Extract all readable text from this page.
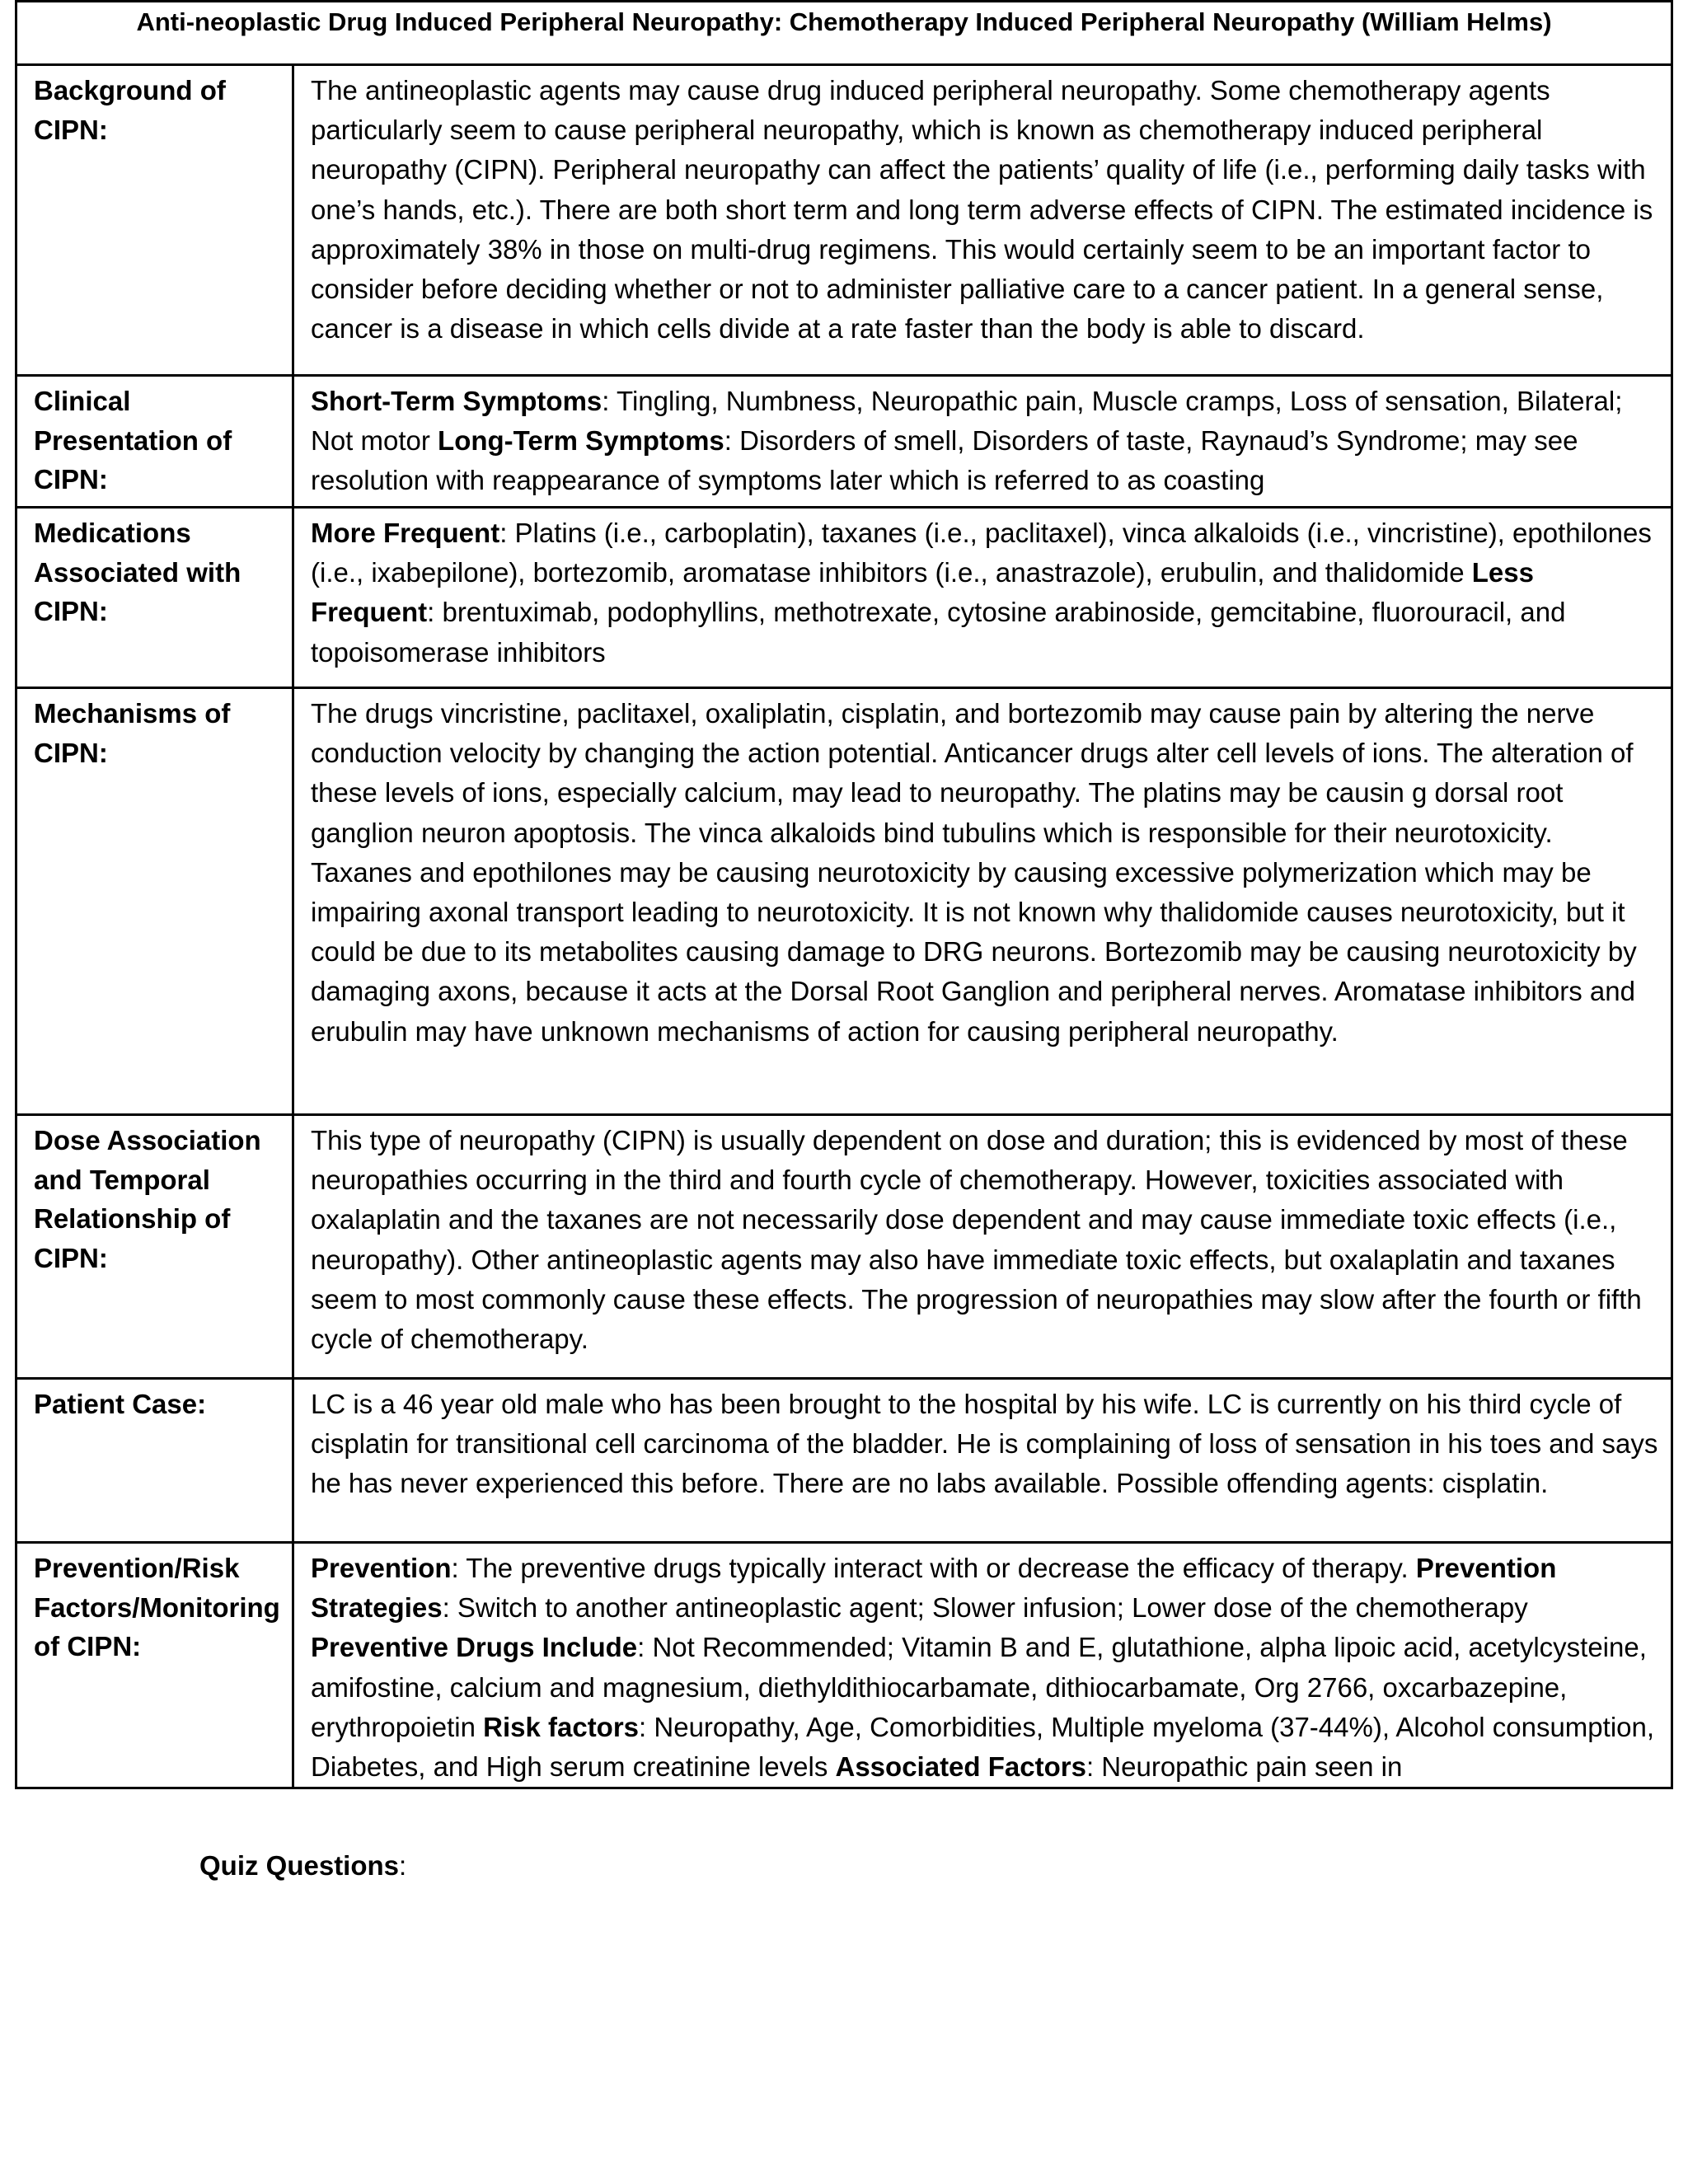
Anti-neoplastic Drug Induced Peripheral Neuropathy: Chemotherapy Induced Peripheral Neuropathy (William Helms)	

Background of CIPN:	The antineoplastic agents may cause drug induced peripheral neuropathy. Some chemotherapy agents particularly seem to cause peripheral neuropathy, which is known as chemotherapy induced peripheral neuropathy (CIPN). Peripheral neuropathy can affect the patients’ quality of life (i.e., performing daily tasks with one’s hands, etc.). There are both short term and long term adverse effects of CIPN. The estimated incidence is approximately 38% in those on multi-drug regimens. This would certainly seem to be an important factor to consider before deciding whether or not to administer palliative care to a cancer patient. In a general sense, cancer is a disease in which cells divide at a rate faster than the body is able to discard.

Clinical Presentation of CIPN:	Short-Term Symptoms: Tingling, Numbness, Neuropathic pain, Muscle cramps, Loss of sensation, Bilateral; Not motor Long-Term Symptoms: Disorders of smell, Disorders of taste, Raynaud’s Syndrome; may see resolution with reappearance of symptoms later which is referred to as coasting

Medications Associated with CIPN:	More Frequent: Platins (i.e., carboplatin), taxanes (i.e., paclitaxel), vinca alkaloids (i.e., vincristine), epothilones (i.e., ixabepilone), bortezomib, aromatase inhibitors (i.e., anastrazole), erubulin, and thalidomide Less Frequent: brentuximab, podophyllins, methotrexate, cytosine arabinoside, gemcitabine, fluorouracil, and topoisomerase inhibitors

Mechanisms of CIPN:	The drugs vincristine, paclitaxel, oxaliplatin, cisplatin, and bortezomib may cause pain by altering the nerve conduction velocity by changing the action potential. Anticancer drugs alter cell levels of ions. The alteration of these levels of ions, especially calcium, may lead to neuropathy. The platins may be causin g dorsal root ganglion neuron apoptosis. The vinca alkaloids bind tubulins which is responsible for their neurotoxicity. Taxanes and epothilones may be causing neurotoxicity by causing excessive polymerization which may be impairing axonal transport leading to neurotoxicity. It is not known why thalidomide causes neurotoxicity, but it could be due to its metabolites causing damage to DRG neurons. Bortezomib may be causing neurotoxicity by damaging axons, because it acts at the Dorsal Root Ganglion and peripheral nerves. Aromatase inhibitors and erubulin may have unknown mechanisms of action for causing peripheral neuropathy.

Dose Association and Temporal Relationship of CIPN:	This type of neuropathy (CIPN) is usually dependent on dose and duration; this is evidenced by most of these neuropathies occurring in the third and fourth cycle of chemotherapy. However, toxicities associated with oxalaplatin and the taxanes are not necessarily dose dependent and may cause immediate toxic effects (i.e., neuropathy). Other antineoplastic agents may also have immediate toxic effects, but oxalaplatin and taxanes seem to most commonly cause these effects. The progression of neuropathies may slow after the fourth or fifth cycle of chemotherapy.

Patient Case:	LC is a 46 year old male who has been brought to the hospital by his wife. LC is currently on his third cycle of cisplatin for transitional cell carcinoma of the bladder. He is complaining of loss of sensation in his toes and says he has never experienced this before. There are no labs available. Possible offending agents: cisplatin.

Prevention/Risk Factors/Monitoring of CIPN:	Prevention: The preventive drugs typically interact with or decrease the efficacy of therapy. Prevention Strategies: Switch to another antineoplastic agent; Slower infusion; Lower dose of the chemotherapy Preventive Drugs Include: Not Recommended; Vitamin B and E, glutathione, alpha lipoic acid, acetylcysteine, amifostine, calcium and magnesium, diethyldithiocarbamate, dithiocarbamate, Org 2766, oxcarbazepine, erythropoietin Risk factors: Neuropathy, Age, Comorbidities, Multiple myeloma (37-44%), Alcohol consumption, Diabetes, and High serum creatinine levels Associated Factors: Neuropathic pain seen in
Quiz Questions:
